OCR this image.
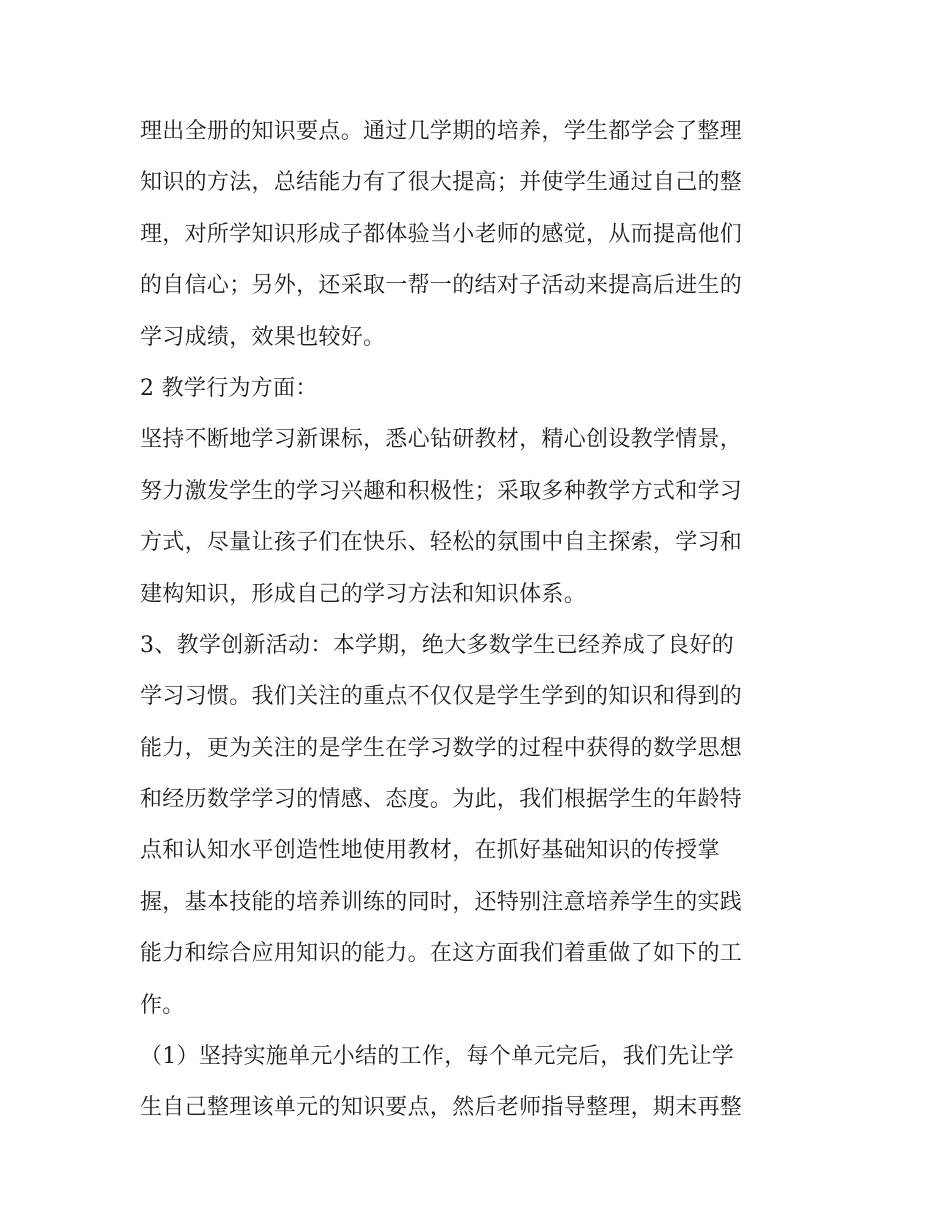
理出全册的知识要点。通过几学期的培养，学生都学会了整理
知识的方法，总结能力有了很大提高；并使学生通过自己的整
理，对所学知识形成子都体验当小老师的感觉，从而提高他们
的自信心；另外，还采取一帮一的结对子活动来提高后进生的
学习成绩，效果也较好。
2 教学行为方面：
坚持不断地学习新课标，悉心钻研教材，精心创设教学情景，
努力激发学生的学习兴趣和积极性；采取多种教学方式和学习
方式，尽量让孩子们在快乐、轻松的氛围中自主探索，学习和
建构知识，形成自己的学习方法和知识体系。
3、教学创新活动：本学期，绝大多数学生已经养成了良好的
学习习惯。我们关注的重点不仅仅是学生学到的知识和得到的
能力，更为关注的是学生在学习数学的过程中获得的数学思想
和经历数学学习的情感、态度。为此，我们根据学生的年龄特
点和认知水平创造性地使用教材，在抓好基础知识的传授掌
握，基本技能的培养训练的同时，还特别注意培养学生的实践
能力和综合应用知识的能力。在这方面我们着重做了如下的工
作。
（1）坚持实施单元小结的工作，每个单元完后，我们先让学
生自己整理该单元的知识要点，然后老师指导整理，期末再整
